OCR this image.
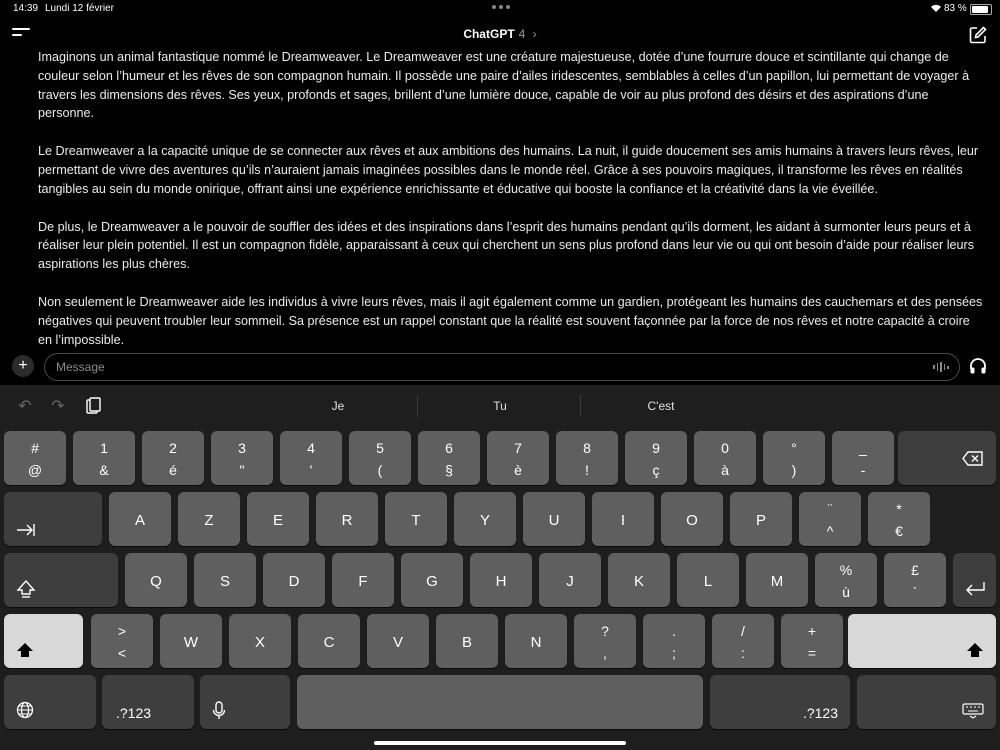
14:39 Lundi 12 février	83 %
ChatGPT 4 ›

Imaginons un animal fantastique nommé le Dreamweaver. Le Dreamweaver est une créature majestueuse, dotée d’une fourrure douce et scintillante qui change de couleur selon l’humeur et les rêves de son compagnon humain. Il possède une paire d’ailes iridescentes, semblables à celles d’un papillon, lui permettant de voyager à travers les dimensions des rêves. Ses yeux, profonds et sages, brillent d’une lumière douce, capable de voir au plus profond des désirs et des aspirations d’une personne.

Le Dreamweaver a la capacité unique de se connecter aux rêves et aux ambitions des humains. La nuit, il guide doucement ses amis humains à travers leurs rêves, leur permettant de vivre des aventures qu’ils n’auraient jamais imaginées possibles dans le monde réel. Grâce à ses pouvoirs magiques, il transforme les rêves en réalités tangibles au sein du monde onirique, offrant ainsi une expérience enrichissante et éducative qui booste la confiance et la créativité dans la vie éveillée.

De plus, le Dreamweaver a le pouvoir de souffler des idées et des inspirations dans l’esprit des humains pendant qu’ils dorment, les aidant à surmonter leurs peurs et à réaliser leur plein potentiel. Il est un compagnon fidèle, apparaissant à ceux qui cherchent un sens plus profond dans leur vie ou qui ont besoin d’aide pour réaliser leurs aspirations les plus chères.

Non seulement le Dreamweaver aide les individus à vivre leurs rêves, mais il agit également comme un gardien, protégeant les humains des cauchemars et des pensées négatives qui peuvent troubler leur sommeil. Sa présence est un rappel constant que la réalité est souvent façonnée par la force de nos rêves et notre capacité à croire en l’impossible.

+
Message
↶ ↷	Je	Tu	C'est
#
@
1
&
2
é
3
"
4
'
5
(
6
§
7
è
8
!
9
ç
0
à
°
)
_
-
A	Z	E	R	T	Y	U	I	O	P
¨
^
*
€
Q	S	D	F	G	H	J	K	L	M
%
ù
£
`
>
<
W	X	C	V	B	N
?
,
.
;
/
:
+
=
.?123	.?123
